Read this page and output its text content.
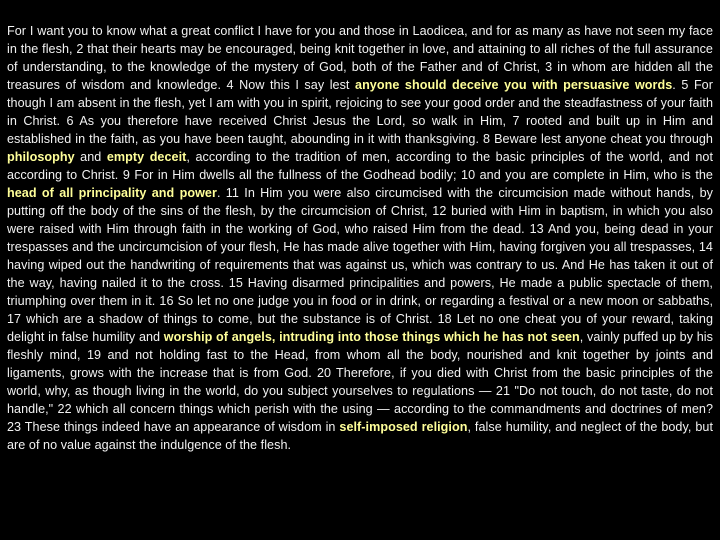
For I want you to know what a great conflict I have for you and those in Laodicea, and for as many as have not seen my face in the flesh, 2 that their hearts may be encouraged, being knit together in love, and attaining to all riches of the full assurance of understanding, to the knowledge of the mystery of God, both of the Father and of Christ, 3 in whom are hidden all the treasures of wisdom and knowledge. 4 Now this I say lest anyone should deceive you with persuasive words. 5 For though I am absent in the flesh, yet I am with you in spirit, rejoicing to see your good order and the steadfastness of your faith in Christ. 6 As you therefore have received Christ Jesus the Lord, so walk in Him, 7 rooted and built up in Him and established in the faith, as you have been taught, abounding in it with thanksgiving. 8 Beware lest anyone cheat you through philosophy and empty deceit, according to the tradition of men, according to the basic principles of the world, and not according to Christ. 9 For in Him dwells all the fullness of the Godhead bodily; 10 and you are complete in Him, who is the head of all principality and power. 11 In Him you were also circumcised with the circumcision made without hands, by putting off the body of the sins of the flesh, by the circumcision of Christ, 12 buried with Him in baptism, in which you also were raised with Him through faith in the working of God, who raised Him from the dead. 13 And you, being dead in your trespasses and the uncircumcision of your flesh, He has made alive together with Him, having forgiven you all trespasses, 14 having wiped out the handwriting of requirements that was against us, which was contrary to us. And He has taken it out of the way, having nailed it to the cross. 15 Having disarmed principalities and powers, He made a public spectacle of them, triumphing over them in it. 16 So let no one judge you in food or in drink, or regarding a festival or a new moon or sabbaths, 17 which are a shadow of things to come, but the substance is of Christ. 18 Let no one cheat you of your reward, taking delight in false humility and worship of angels, intruding into those things which he has not seen, vainly puffed up by his fleshly mind, 19 and not holding fast to the Head, from whom all the body, nourished and knit together by joints and ligaments, grows with the increase that is from God. 20 Therefore, if you died with Christ from the basic principles of the world, why, as though living in the world, do you subject yourselves to regulations — 21 "Do not touch, do not taste, do not handle," 22 which all concern things which perish with the using — according to the commandments and doctrines of men? 23 These things indeed have an appearance of wisdom in self-imposed religion, false humility, and neglect of the body, but are of no value against the indulgence of the flesh.
